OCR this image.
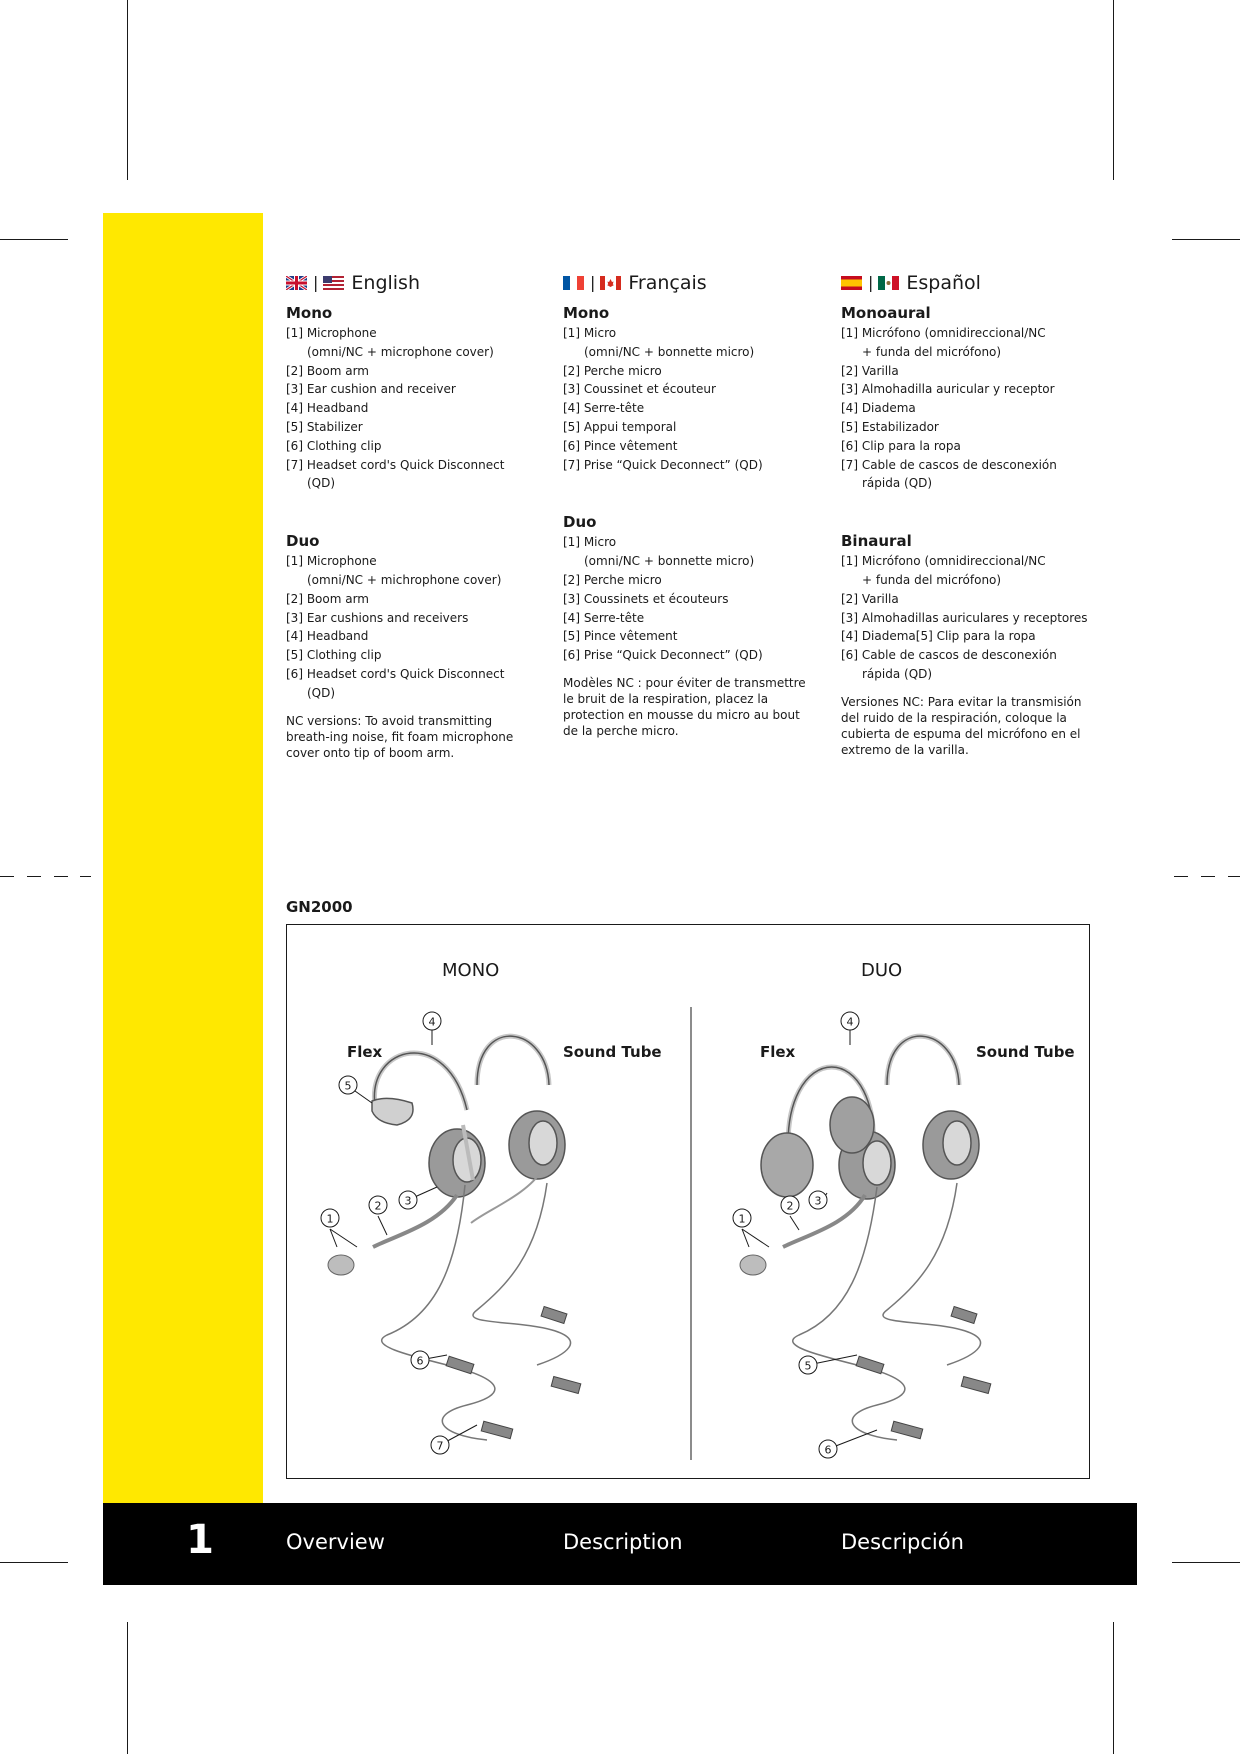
| English
Mono
[1] Microphone
(omni/NC + microphone cover)
[2] Boom arm
[3] Ear cushion and receiver
[4] Headband
[5] Stabilizer
[6] Clothing clip
[7] Headset cord's Quick Disconnect (QD)
Duo
[1] Microphone
(omni/NC + michrophone cover)
[2] Boom arm
[3] Ear cushions and receivers
[4] Headband
[5] Clothing clip
[6] Headset cord's Quick Disconnect (QD)
NC versions: To avoid transmitting breath-ing noise, fit foam microphone cover onto tip of boom arm.
| Français
Mono
[1] Micro
(omni/NC + bonnette micro)
[2] Perche micro
[3] Coussinet et écouteur
[4] Serre-tête
[5] Appui temporal
[6] Pince vêtement
[7] Prise “Quick Deconnect” (QD)
Duo
[1] Micro
(omni/NC + bonnette micro)
[2] Perche micro
[3] Coussinets et écouteurs
[4] Serre-tête
[5] Pince vêtement
[6] Prise “Quick Deconnect” (QD)
Modèles NC : pour éviter de transmettre le bruit de la respiration, placez la protection en mousse du micro au bout de la perche micro.
| Español
Monoaural
[1] Micrófono (omnidireccional/NC
+ funda del micrófono)
[2] Varilla
[3] Almohadilla auricular y receptor
[4] Diadema
[5] Estabilizador
[6] Clip para la ropa
[7] Cable de cascos de desconexión
rápida (QD)
Binaural
[1] Micrófono (omnidireccional/NC
+ funda del micrófono)
[2] Varilla
[3] Almohadillas auriculares y receptores
[4] Diadema[5] Clip para la ropa
[6] Cable de cascos de desconexión
rápida (QD)
Versiones NC: Para evitar la transmisión del ruido de la respiración, coloque la cubierta de espuma del micrófono en el extremo de la varilla.
GN2000
MONO	DUO
Flex	Sound Tube	Flex	Sound Tube
1
2 3
4
5
6
7
1
2 3
4
5
6
1	Overview	Description	Descripción
